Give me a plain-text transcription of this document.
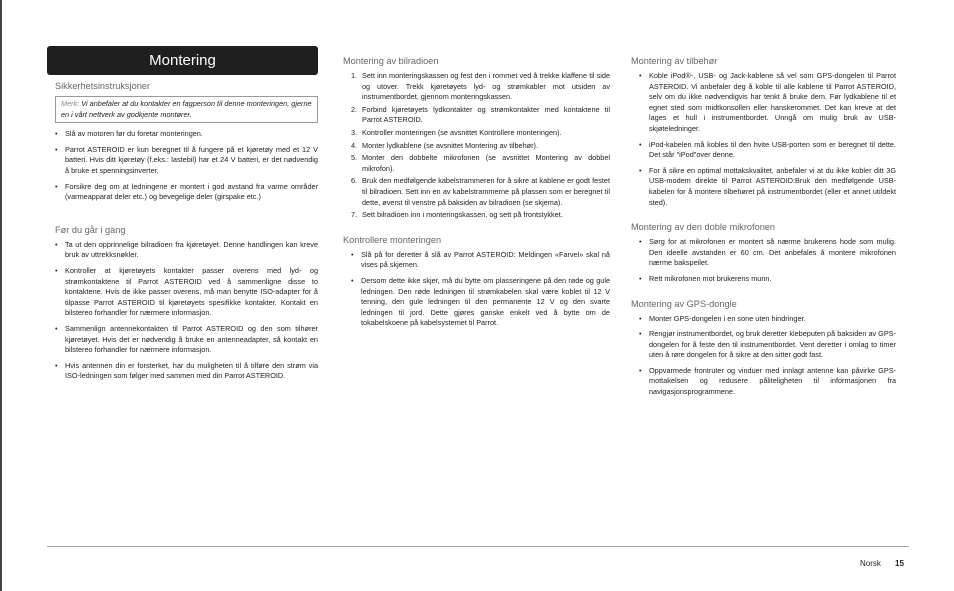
Montering
Sikkerhetsinstruksjoner
Merk: Vi anbefaler at du kontakter en fagperson til denne monteringen, gjerne en i vårt nettverk av godkjente montører.
• Slå av motoren før du foretar monteringen.
• Parrot ASTEROID er kun beregnet til å fungere på et kjøretøy med et 12 V batteri. Hvis ditt kjøretøy (f.eks.: lastebil) har et 24 V batteri, er det nødvendig å bruke et spenningsinverter.
• Forsikre deg om at ledningene er montert i god avstand fra varme områder (varmeapparat deler etc.) og bevegelige deler (girspake etc.)
Før du går i gang
• Ta ut den opprinnelige bilradioen fra kjøretøyet. Denne handlingen kan kreve bruk av uttrekksnøkler.
• Kontroller at kjøretøyets kontakter passer overens med lyd- og strømkontaktene til Parrot ASTEROID ved å sammenligne disse to kontaktene. Hvis de ikke passer overens, må man benytte ISO-adapter for å tilpasse Parrot ASTEROID til kjøretøyets spesifikke kontakter. Kontakt en bilstereo forhandler for nærmere informasjon.
• Sammenlign antennekontakten til Parrot ASTEROID og den som tilhører kjøretøyet. Hvis det er nødvendig å bruke en antenneadapter, så kontakt en bilstereo forhandler for nærmere informasjon.
• Hvis antennen din er forsterket, har du muligheten til å tilføre den strøm via ISO-ledningen som følger med sammen med din Parrot ASTEROID.
Montering av bilradioen
1. Sett inn monteringskassen og fest den i rommet ved å trekke klaffene til side og utover. Trekk kjøretøyets lyd- og strømkabler mot utsiden av instrumentbordet, gjennom monteringskassen.
2. Forbind kjøretøyets lydkontakter og strømkontakter med kontaktene til Parrot ASTEROID.
3. Kontroller monteringen (se avsnittet Kontrollere monteringen).
4. Monter lydkablene (se avsnittet Montering av tilbehør).
5. Monter den dobbelte mikrofonen (se avsnittet Montering av dobbel mikrofon).
6. Bruk den medfølgende kabelstrammeren for å sikre at kablene er godt festet til bilradioen. Sett inn en av kabelstrammerne på plassen som er beregnet til dette, øverst til venstre på baksiden av bilradioen (se skjema).
7. Sett bilradioen inn i monteringskassen, og sett på frontstykket.
Kontrollere monteringen
• Slå på for deretter å slå av Parrot ASTEROID: Meldingen «Farvel» skal nå vises på skjemen.
• Dersom dette ikke skjer, må du bytte om plasseringene på den røde og gule ledningen. Den røde ledningen til strømkabelen skal være koblet til 12 V tenning, den gule ledningen til den permanente 12 V og den svarte ledningen til jord. Dette gjøres ganske enkelt ved å bytte om de tokabelskoene på kabelsystemet til Parrot.
Montering av tilbehør
• Koble iPod®-, USB- og Jack-kablene så vel som GPS-dongelen til Parrot ASTEROID. Vi anbefaler deg å koble til alle kablene til Parrot ASTEROID, selv om du ikke nødvendigvis har tenkt å bruke dem. Før lydkablene til et egnet sted som midtkonsollen eller hanskerommet. Det kan kreve at det lages et hull i instrumentbordet. Unngå om mulig bruk av USB-skjøteledninger.
• iPod-kabelen må kobles til den hvite USB-porten som er beregnet til dette. Det står "iPod"over denne.
• For å sikre en optimal mottakskvalitet, anbefaler vi at du ikke kobler ditt 3G USB-modem direkte til Parrot ASTEROID:Bruk den medfølgende USB-kabelen for å montere tilbehøret på instrumentbordet (eller et annet utildekt sted).
Montering av den doble mikrofonen
• Sørg for at mikrofonen er montert så nærme brukerens hode som mulig. Den ideelle avstanden er 60 cm. Det anbefales å montere mikrofonen nærme bakspeilet.
• Rett mikrofonen mot brukerens munn.
Montering av GPS-dongle
• Monter GPS-dongelen i en sone uten hindringer.
• Rengjør instrumentbordet, og bruk deretter klebeputen på baksiden av GPS-dongelen for å feste den til instrumentbordet. Vent deretter i omlag to timer uten å røre dongelen for å sikre at den sitter godt fast.
• Oppvarmede frontruter og vinduer med innlagt antenne kan påvirke GPS-mottakelsen og redusere påliteligheten til informasjonen fra navigasjonsprogrammene.
Norsk 15
